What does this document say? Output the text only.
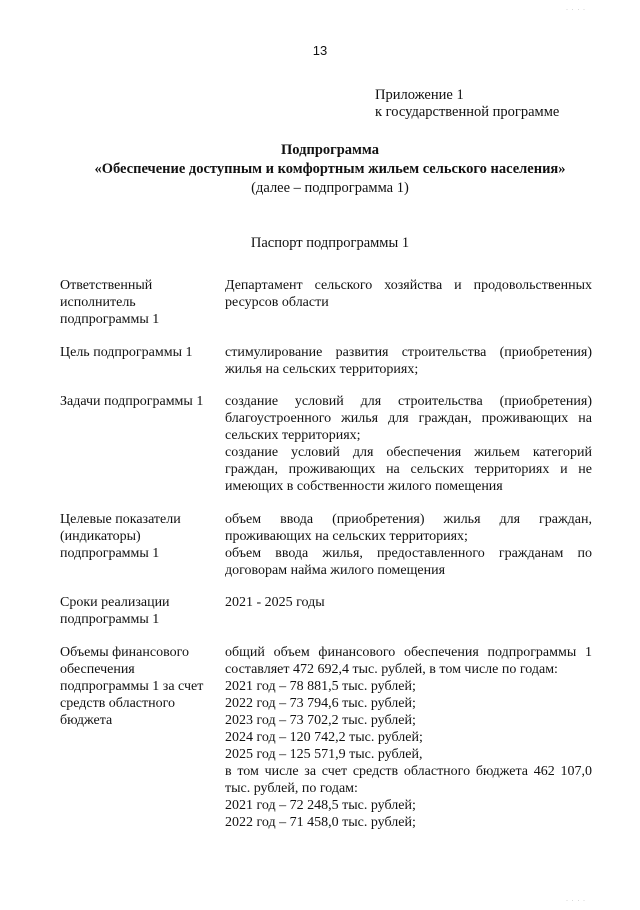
13
Приложение 1
к государственной программе
Подпрограмма
«Обеспечение доступным и комфортным жильем сельского населения»
(далее – подпрограмма 1)
Паспорт подпрограммы 1
Ответственный
исполнитель
подпрограммы 1
Департамент сельского хозяйства и продовольственных ресурсов области
Цель подпрограммы 1	стимулирование развития строительства (приобретения) жилья на сельских территориях;
Задачи подпрограммы 1	создание условий для строительства (приобретения) благоустроенного жилья для граждан, проживающих на сельских территориях;
создание условий для обеспечения жильем категорий граждан, проживающих на сельских территориях и не имеющих в собственности жилого помещения
Целевые показатели
(индикаторы)
подпрограммы 1
объем ввода (приобретения) жилья для граждан, проживающих на сельских территориях;
объем ввода жилья, предоставленного гражданам по договорам найма жилого помещения
Сроки реализации
подпрограммы 1
2021 - 2025 годы
Объемы финансового
обеспечения
подпрограммы 1 за счет
средств областного
бюджета
общий объем финансового обеспечения подпрограммы 1 составляет 472 692,4 тыс. рублей, в том числе по годам:
2021 год – 78 881,5 тыс. рублей;
2022 год – 73 794,6 тыс. рублей;
2023 год – 73 702,2 тыс. рублей;
2024 год – 120 742,2 тыс. рублей;
2025 год – 125 571,9 тыс. рублей,
в том числе за счет средств областного бюджета 462 107,0 тыс. рублей, по годам:
2021 год – 72 248,5 тыс. рублей;
2022 год – 71 458,0 тыс. рублей;
· · · ·
· · · ·
